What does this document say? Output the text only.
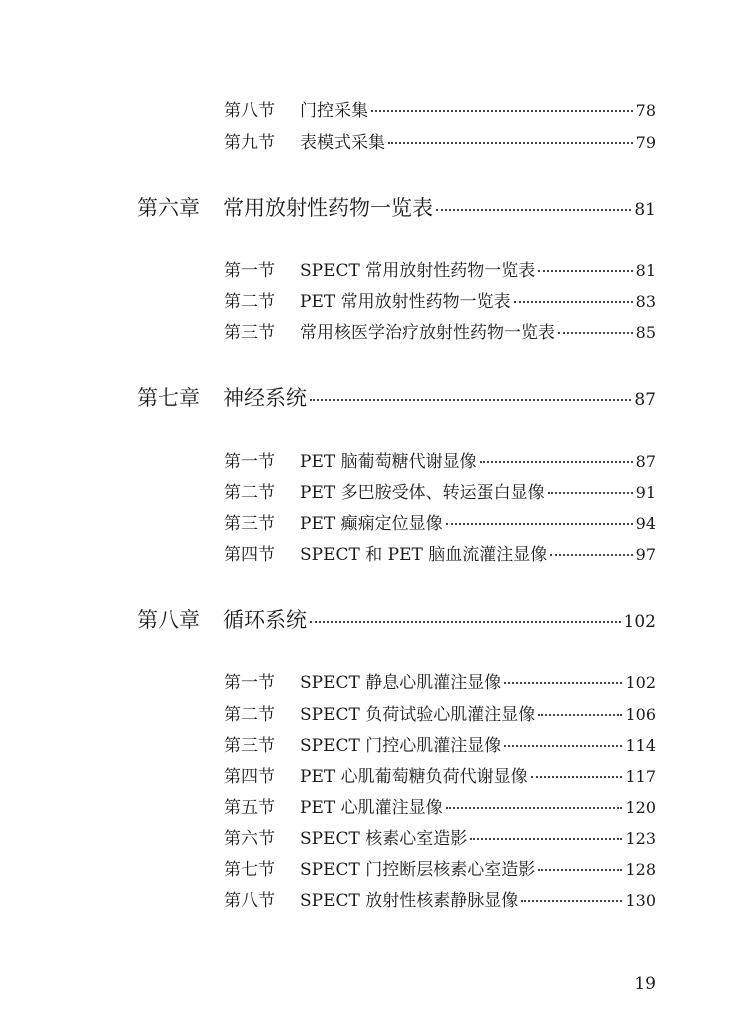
第八节	门控采集	78
第九节	表模式采集	79
第六章	常用放射性药物一览表	81
第一节	SPECT 常用放射性药物一览表	81
第二节	PET 常用放射性药物一览表	83
第三节	常用核医学治疗放射性药物一览表	85
第七章	神经系统	87
第一节	PET 脑葡萄糖代谢显像	87
第二节	PET 多巴胺受体、转运蛋白显像	91
第三节	PET 癫痫定位显像	94
第四节	SPECT 和 PET 脑血流灌注显像	97
第八章	循环系统	102
第一节	SPECT 静息心肌灌注显像	102
第二节	SPECT 负荷试验心肌灌注显像	106
第三节	SPECT 门控心肌灌注显像	114
第四节	PET 心肌葡萄糖负荷代谢显像	117
第五节	PET 心肌灌注显像	120
第六节	SPECT 核素心室造影	123
第七节	SPECT 门控断层核素心室造影	128
第八节	SPECT 放射性核素静脉显像	130
19
